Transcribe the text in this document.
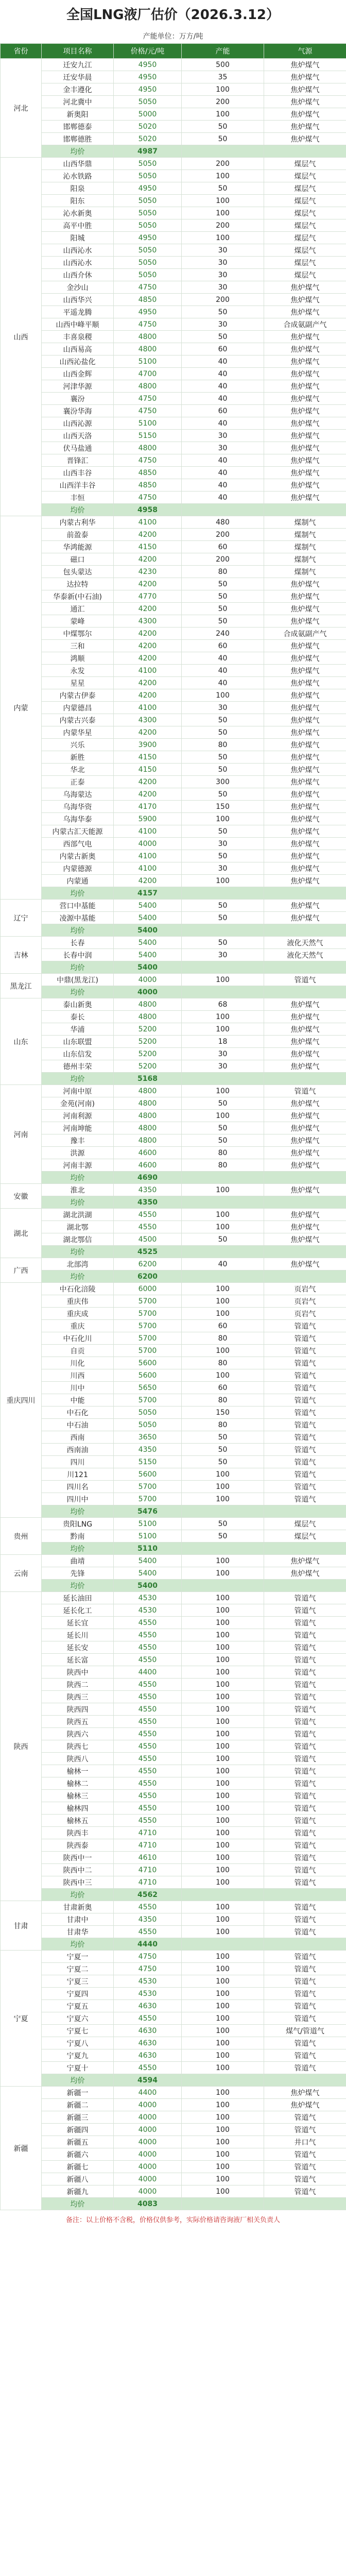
全国LNG液厂估价（2026.3.12）
产能单位：万方/吨
省份	项目名称	价格/元/吨	产能	气源
河北	迁安九江	4950	500	焦炉煤气
	迁安华晨	4950	35	焦炉煤气
	金丰遵化	4950	100	焦炉煤气
	河北冀中	5050	200	焦炉煤气
	新奥阳	5000	100	焦炉煤气
	邯郸德泰	5020	50	焦炉煤气
	邯郸德胜	5020	50	焦炉煤气
	均价	4987		
山西	山西华鼎	5050	200	煤层气
	沁水铁路	5050	100	煤层气
	阳泉	4950	50	煤层气
	阳东	5050	100	煤层气
	沁水新奥	5050	100	煤层气
	高平中胜	5050	200	煤层气
	阳城	4950	100	煤层气
	山西沁水	5050	30	煤层气
	山西沁水	5050	30	煤层气
	山西介休	5050	30	煤层气
	金沙山	4750	30	焦炉煤气
	山西华兴	4850	200	焦炉煤气
	平遥龙腾	4950	50	焦炉煤气
	山西中峰平顺	4750	30	合成氨副产气
	丰喜泉稷	4800	50	焦炉煤气
	山西易高	4800	60	焦炉煤气
	山西沁盐化	5100	40	焦炉煤气
	山西金辉	4700	40	焦炉煤气
	河津华源	4800	40	焦炉煤气
	襄汾	4750	40	焦炉煤气
	襄汾华海	4750	60	焦炉煤气
	山西沁源	5100	40	焦炉煤气
	山西天洛	5150	30	焦炉煤气
	伏马盐通	4800	30	焦炉煤气
	晋锋汇	4750	40	焦炉煤气
	山西丰谷	4850	40	焦炉煤气
	山西洋丰谷	4850	40	焦炉煤气
	丰恒	4750	40	焦炉煤气
	均价	4958		
内蒙	内蒙古利华	4100	480	煤制气
	前盈泰	4200	200	煤制气
	华鸿能源	4150	60	煤制气
	磁口	4200	200	煤制气
	包头蒙达	4230	80	煤制气
	达拉特	4200	50	焦炉煤气
	华泰新(中石油)	4770	50	焦炉煤气
	通汇	4200	50	焦炉煤气
	蒙峰	4300	50	焦炉煤气
	中煤鄂尔	4200	240	合成氨副产气
	三和	4200	60	焦炉煤气
	鸿顺	4200	40	焦炉煤气
	永发	4100	40	焦炉煤气
	星星	4200	40	焦炉煤气
	内蒙古伊泰	4200	100	焦炉煤气
	内蒙德昌	4100	30	焦炉煤气
	内蒙古兴泰	4300	50	焦炉煤气
	内蒙华星	4200	50	焦炉煤气
	兴乐	3900	80	焦炉煤气
	新胜	4150	50	焦炉煤气
	华北	4150	50	焦炉煤气
	正泰	4200	300	焦炉煤气
	乌海蒙达	4200	50	焦炉煤气
	乌海华资	4170	150	焦炉煤气
	乌海华泰	5900	100	焦炉煤气
	内蒙古汇天能源	4100	50	焦炉煤气
	西部气电	4000	30	焦炉煤气
	内蒙古新奥	4100	50	焦炉煤气
	内蒙德源	4100	30	焦炉煤气
	内蒙通	4200	100	焦炉煤气
	均价	4157		
辽宁	营口中基能	5400	50	焦炉煤气
	凌源中基能	5400	50	焦炉煤气
	均价	5400		
吉林	长春	5400	50	液化天然气
	长春中润	5400	30	液化天然气
	均价	5400		
黑龙江	中鼎(黑龙江)	4000	100	管道气
	均价	4000		
山东	泰山新奥	4800	68	焦炉煤气
	泰长	4800	100	焦炉煤气
	华浦	5200	100	焦炉煤气
	山东联盟	5200	18	焦炉煤气
	山东信发	5200	30	焦炉煤气
	德州丰荣	5200	30	焦炉煤气
	均价	5168		
河南	河南中原	4800	100	管道气
	金苑(河南)	4800	50	焦炉煤气
	河南利源	4800	100	焦炉煤气
	河南坤能	4800	50	焦炉煤气
	豫丰	4800	50	焦炉煤气
	洪源	4600	80	焦炉煤气
	河南丰源	4600	80	焦炉煤气
	均价	4690		
安徽	淮北	4350	100	焦炉煤气
	均价	4350		
湖北	湖北洪湖	4550	100	焦炉煤气
	湖北鄂	4550	100	焦炉煤气
	湖北鄂信	4500	50	焦炉煤气
	均价	4525		
广西	北部湾	6200	40	焦炉煤气
	均价	6200		
重庆四川	中石化涪陵	6000	100	页岩气
	重庆伟	5700	100	页岩气
	重庆成	5700	100	页岩气
	重庆	5700	60	管道气
	中石化川	5700	80	管道气
	自贡	5700	100	管道气
	川化	5600	80	管道气
	川西	5600	100	管道气
	川中	5650	60	管道气
	中能	5700	80	管道气
	中石化	5050	150	管道气
	中石油	5050	80	管道气
	西南	3650	50	管道气
	西南油	4350	50	管道气
	四川	5150	50	管道气
	川121	5600	100	管道气
	四川名	5700	100	管道气
	四川中	5700	100	管道气
	均价	5476		
贵州	贵阳LNG	5100	50	煤层气
	黔南	5100	50	煤层气
	均价	5110		
云南	曲靖	5400	100	焦炉煤气
	先锋	5400	100	焦炉煤气
	均价	5400		
陕西	延长油田	4530	100	管道气
	延长化工	4530	100	管道气
	延长宜	4550	100	管道气
	延长川	4550	100	管道气
	延长安	4550	100	管道气
	延长富	4550	100	管道气
	陕西中	4400	100	管道气
	陕西二	4550	100	管道气
	陕西三	4550	100	管道气
	陕西四	4550	100	管道气
	陕西五	4550	100	管道气
	陕西六	4550	100	管道气
	陕西七	4550	100	管道气
	陕西八	4550	100	管道气
	榆林一	4550	100	管道气
	榆林二	4550	100	管道气
	榆林三	4550	100	管道气
	榆林四	4550	100	管道气
	榆林五	4550	100	管道气
	陕西丰	4710	100	管道气
	陕西泰	4710	100	管道气
	陕西中一	4610	100	管道气
	陕西中二	4710	100	管道气
	陕西中三	4710	100	管道气
	均价	4562		
甘肃	甘肃新奥	4550	100	管道气
	甘肃中	4350	100	管道气
	甘肃华	4550	100	管道气
	均价	4440		
宁夏	宁夏一	4750	100	管道气
	宁夏二	4750	100	管道气
	宁夏三	4530	100	管道气
	宁夏四	4530	100	管道气
	宁夏五	4630	100	管道气
	宁夏六	4550	100	管道气
	宁夏七	4630	100	煤气/管道气
	宁夏八	4630	100	管道气
	宁夏九	4630	100	管道气
	宁夏十	4550	100	管道气
	均价	4594		
新疆	新疆一	4400	100	焦炉煤气
	新疆二	4000	100	焦炉煤气
	新疆三	4000	100	管道气
	新疆四	4000	100	管道气
	新疆五	4000	100	井口气
	新疆六	4000	100	管道气
	新疆七	4000	100	管道气
	新疆八	4000	100	管道气
	新疆九	4000	100	管道气
	均价	4083		
备注：以上价格不含税，价格仅供参考，实际价格请咨询液厂相关负责人
